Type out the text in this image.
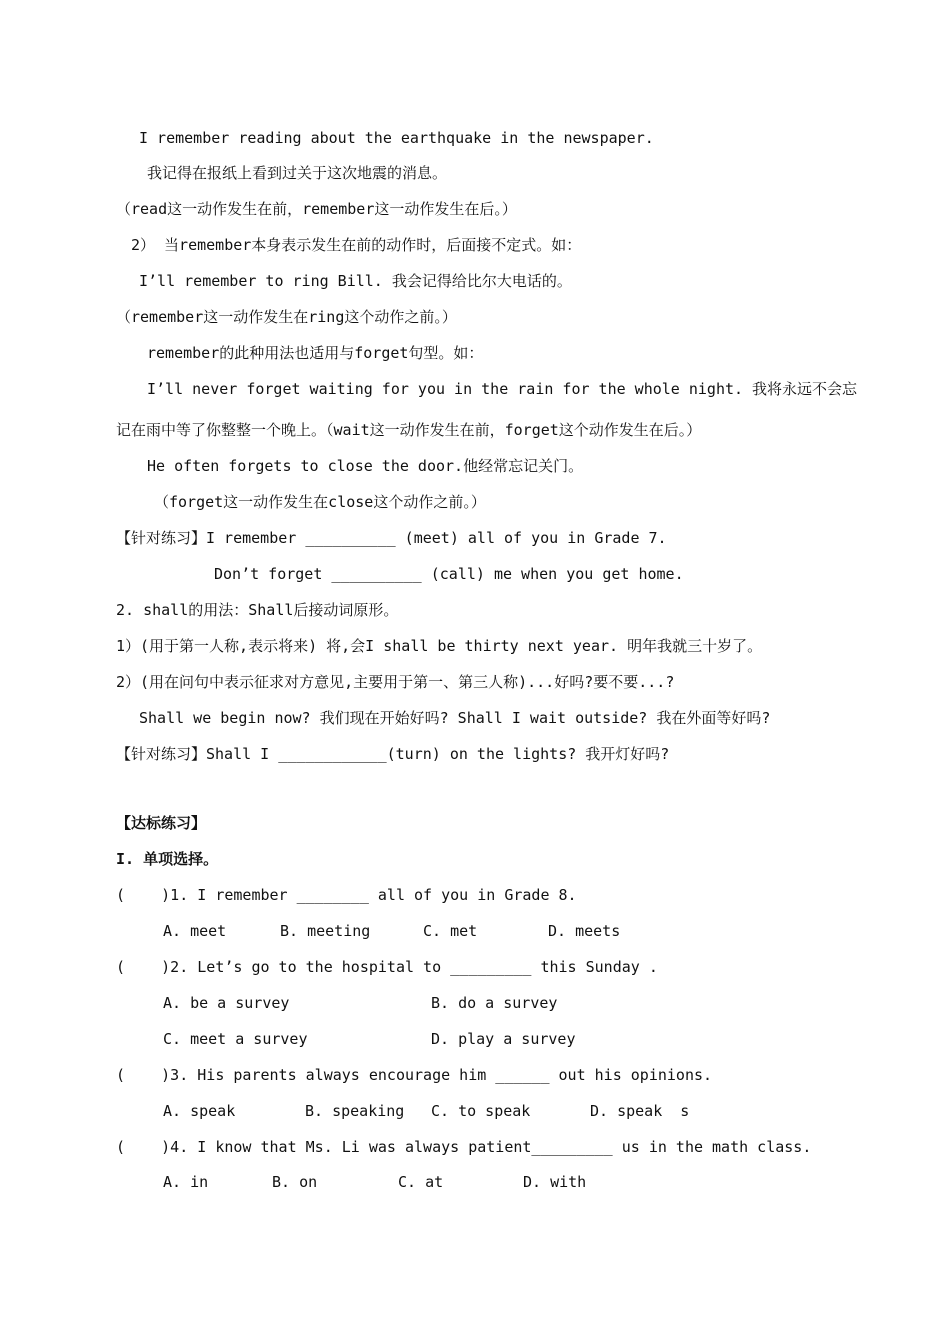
I remember reading about the earthquake in the newspaper.
我记得在报纸上看到过关于这次地震的消息。
（read这一动作发生在前，remember这一动作发生在后。）
2） 当remember本身表示发生在前的动作时，后面接不定式。如：
I’ll remember to ring Bill. 我会记得给比尔大电话的。
（remember这一动作发生在ring这个动作之前。）
remember的此种用法也适用与forget句型。如：
I’ll never forget waiting for you in the rain for the whole night. 我将永远不会忘
记在雨中等了你整整一个晚上。（wait这一动作发生在前，forget这个动作发生在后。）
He often forgets to close the door.他经常忘记关门。
（forget这一动作发生在close这个动作之前。）
【针对练习】I remember __________ (meet) all of you in Grade 7.
Don’t forget __________ (call) me when you get home.
2. shall的用法：Shall后接动词原形。
1）(用于第一人称,表示将来) 将,会I shall be thirty next year. 明年我就三十岁了。
2）(用在问句中表示征求对方意见,主要用于第一、第三人称)...好吗?要不要...?
Shall we begin now? 我们现在开始好吗? Shall I wait outside? 我在外面等好吗?
【针对练习】Shall I ____________(turn) on the lights? 我开灯好吗?
【达标练习】
I. 单项选择。
(    )1. I remember ________ all of you in Grade 8.
A. meet	B. meeting	C. met	D. meets
(    )2. Let’s go to the hospital to _________ this Sunday .
A. be a survey	B. do a survey
C. meet a survey	D. play a survey
(    )3. His parents always encourage him ______ out his opinions.
A. speak	B. speaking C. to speak	D. speak  s
(    )4. I know that Ms. Li was always patient_________ us in the math class.
A. in	B. on	C. at	D. with
